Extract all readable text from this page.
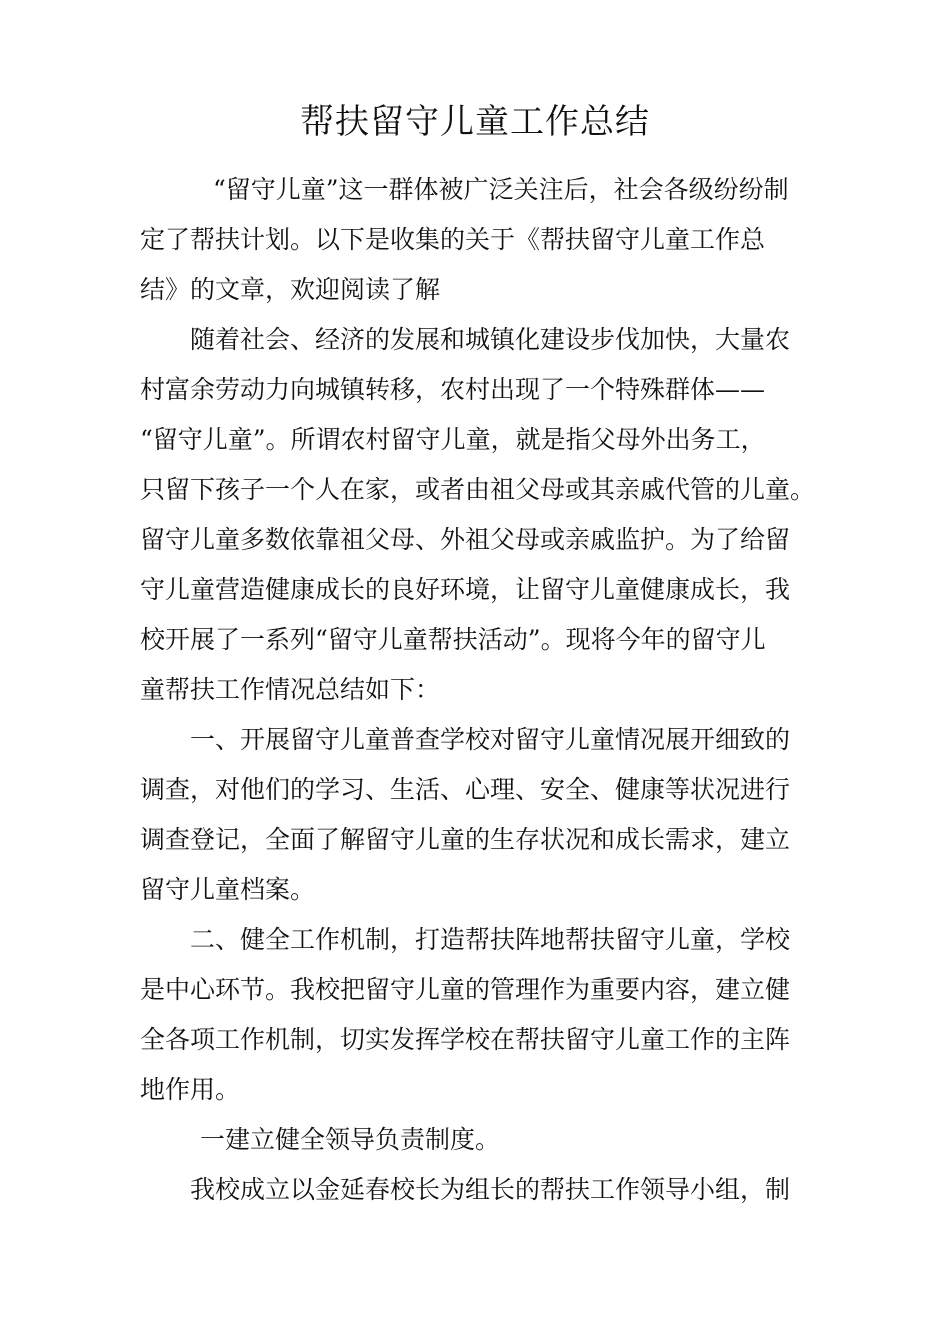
帮扶留守儿童工作总结
　“留守儿童”这一群体被广泛关注后，社会各级纷纷制
定了帮扶计划。以下是收集的关于《帮扶留守儿童工作总
结》的文章，欢迎阅读了解
　随着社会、经济的发展和城镇化建设步伐加快，大量农
村富余劳动力向城镇转移，农村出现了一个特殊群体——
“留守儿童”。所谓农村留守儿童，就是指父母外出务工，
只留下孩子一个人在家，或者由祖父母或其亲戚代管的儿童。
留守儿童多数依靠祖父母、外祖父母或亲戚监护。为了给留
守儿童营造健康成长的良好环境，让留守儿童健康成长，我
校开展了一系列“留守儿童帮扶活动”。现将今年的留守儿
童帮扶工作情况总结如下：
　一、开展留守儿童普查学校对留守儿童情况展开细致的
调查，对他们的学习、生活、心理、安全、健康等状况进行
调查登记，全面了解留守儿童的生存状况和成长需求，建立
留守儿童档案。
　二、健全工作机制，打造帮扶阵地帮扶留守儿童，学校
是中心环节。我校把留守儿童的管理作为重要内容，建立健
全各项工作机制，切实发挥学校在帮扶留守儿童工作的主阵
地作用。
　一建立健全领导负责制度。
　我校成立以金延春校长为组长的帮扶工作领导小组，制
